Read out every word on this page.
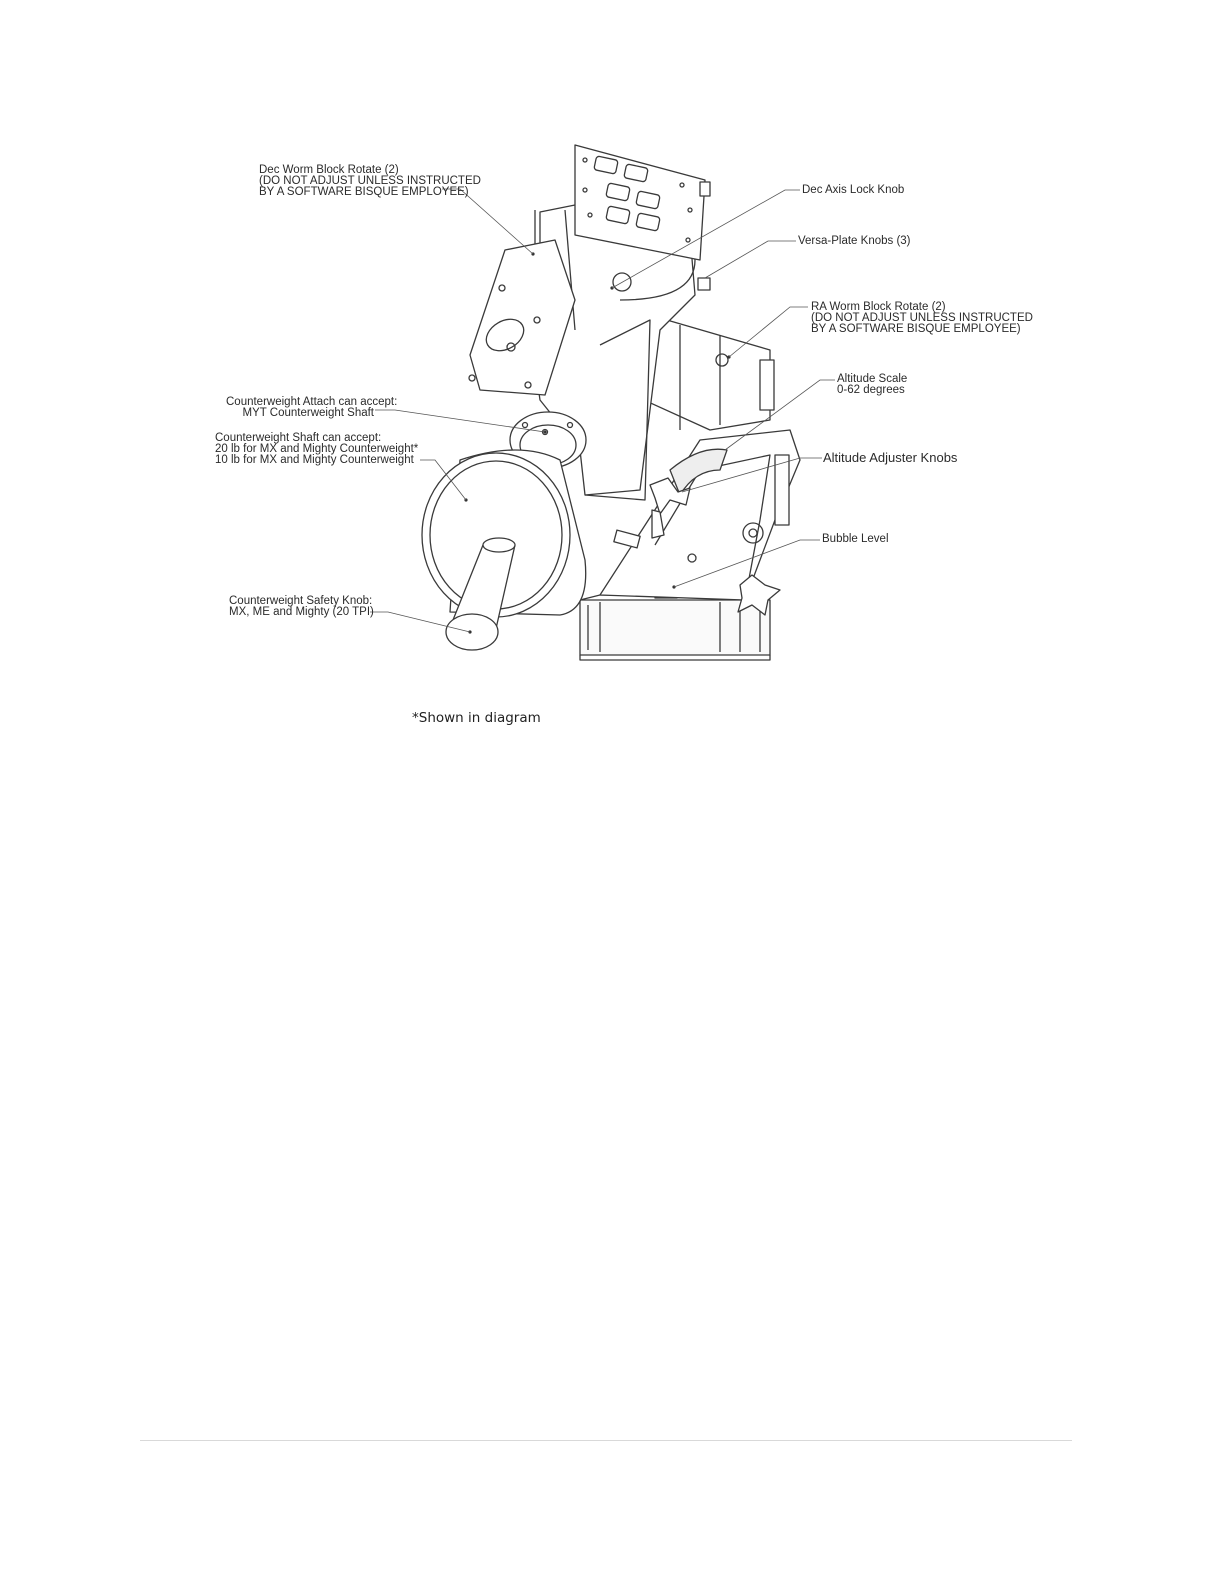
Dec Worm Block Rotate (2)
(DO NOT ADJUST UNLESS INSTRUCTED
BY A SOFTWARE BISQUE EMPLOYEE)	Dec Axis Lock Knob
Versa-Plate Knobs (3)
RA Worm Block Rotate (2)
(DO NOT ADJUST UNLESS INSTRUCTED
BY A SOFTWARE BISQUE EMPLOYEE)
Altitude Scale
0-62 degrees
Altitude Adjuster Knobs
Bubble Level
Counterweight Attach can accept:
MYT Counterweight Shaft
Counterweight Shaft can accept:
20 lb for MX and Mighty Counterweight*
10 lb for MX and Mighty Counterweight
Counterweight Safety Knob:
MX, ME and Mighty (20 TPI)
*Shown in diagram
